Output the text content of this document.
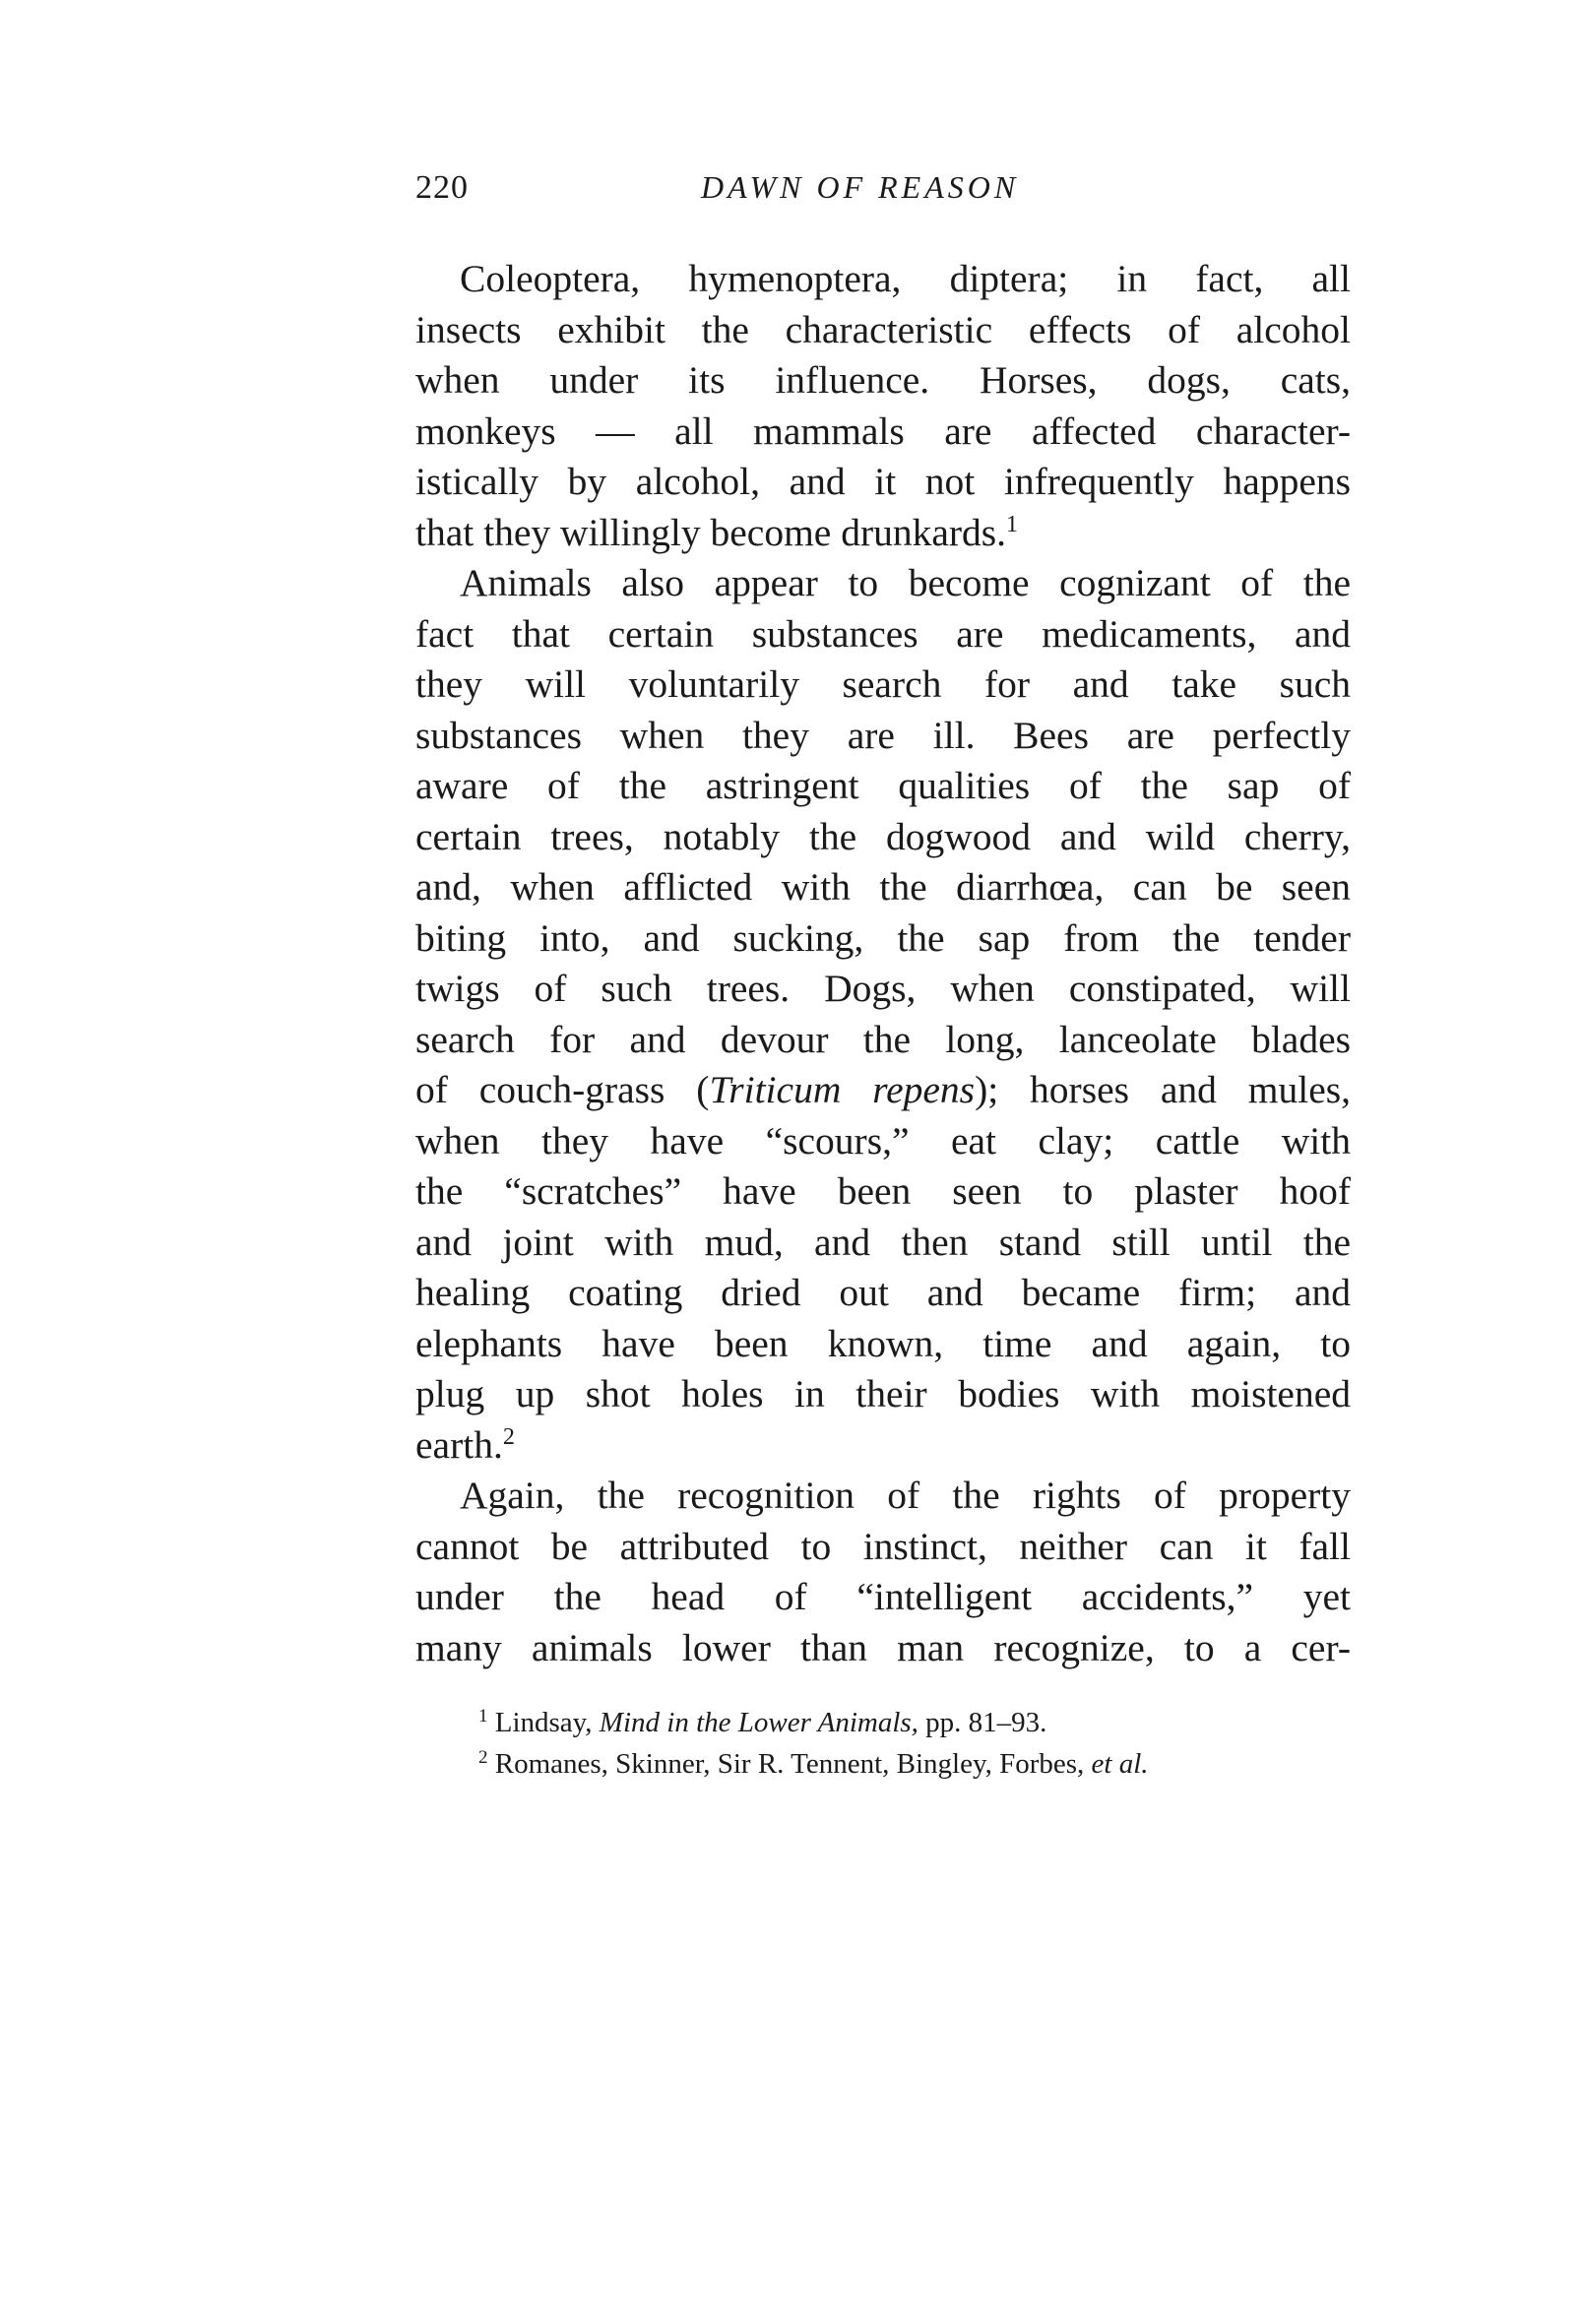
220	DAWN OF REASON
Coleoptera, hymenoptera, diptera; in fact, all
insects exhibit the characteristic effects of alcohol
when under its influence. Horses, dogs, cats,
monkeys — all mammals are affected character-
istically by alcohol, and it not infrequently happens
that they willingly become drunkards.$^1$
Animals also appear to become cognizant of the
fact that certain substances are medicaments, and
they will voluntarily search for and take such
substances when they are ill. Bees are perfectly
aware of the astringent qualities of the sap of
certain trees, notably the dogwood and wild cherry,
and, when afflicted with the diarrhœa, can be seen
biting into, and sucking, the sap from the tender
twigs of such trees. Dogs, when constipated, will
search for and devour the long, lanceolate blades
of couch-grass (Triticum repens); horses and mules,
when they have “scours,” eat clay; cattle with
the “scratches” have been seen to plaster hoof
and joint with mud, and then stand still until the
healing coating dried out and became firm; and
elephants have been known, time and again, to
plug up shot holes in their bodies with moistened
earth.$^2$
Again, the recognition of the rights of property
cannot be attributed to instinct, neither can it fall
under the head of “intelligent accidents,” yet
many animals lower than man recognize, to a cer-
$^1$ Lindsay, Mind in the Lower Animals, pp. 81–93.
$^2$ Romanes, Skinner, Sir R. Tennent, Bingley, Forbes, et al.
